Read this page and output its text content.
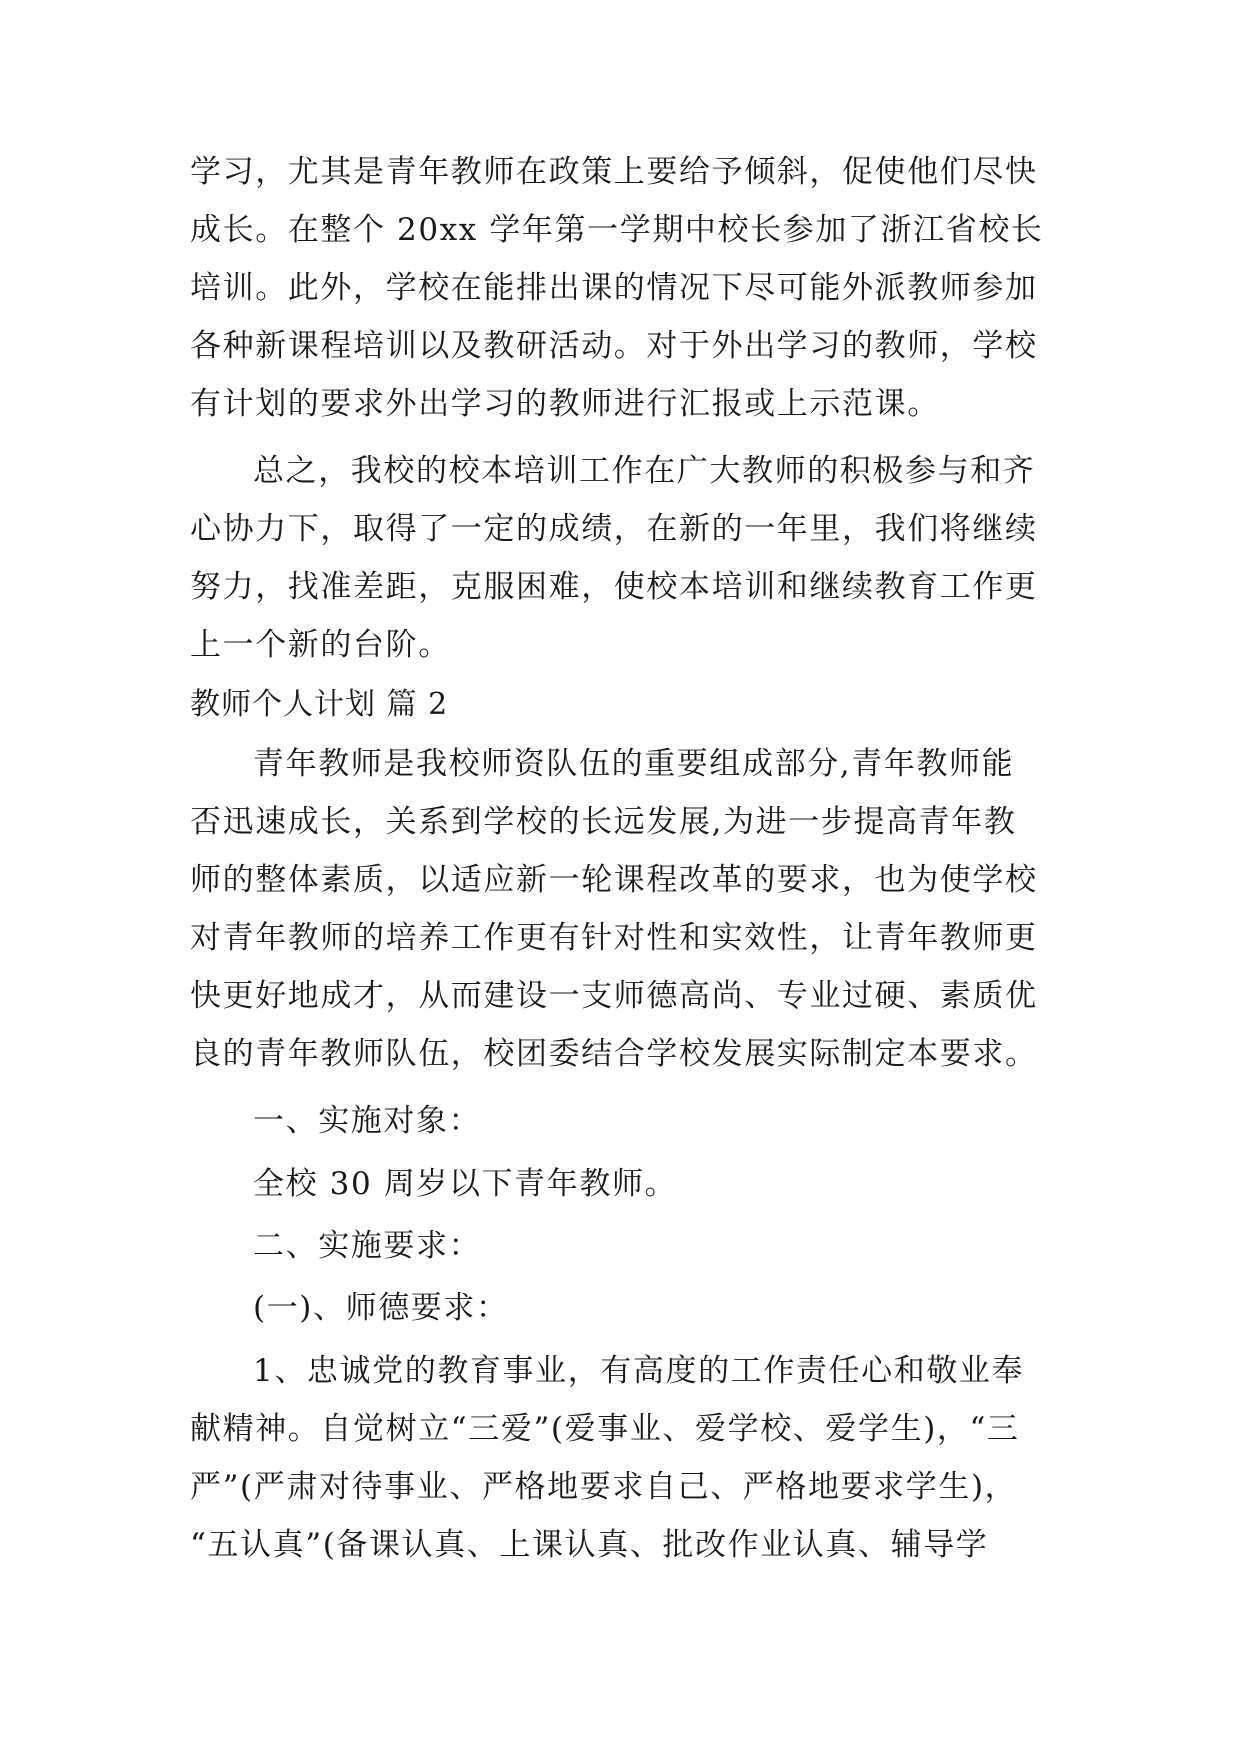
学习，尤其是青年教师在政策上要给予倾斜，促使他们尽快
成长。在整个 20xx 学年第一学期中校长参加了浙江省校长
培训。此外，学校在能排出课的情况下尽可能外派教师参加
各种新课程培训以及教研活动。对于外出学习的教师，学校
有计划的要求外出学习的教师进行汇报或上示范课。
总之，我校的校本培训工作在广大教师的积极参与和齐
心协力下，取得了一定的成绩，在新的一年里，我们将继续
努力，找准差距，克服困难，使校本培训和继续教育工作更
上一个新的台阶。
教师个人计划 篇 2
青年教师是我校师资队伍的重要组成部分,青年教师能
否迅速成长，关系到学校的长远发展,为进一步提高青年教
师的整体素质，以适应新一轮课程改革的要求，也为使学校
对青年教师的培养工作更有针对性和实效性，让青年教师更
快更好地成才，从而建设一支师德高尚、专业过硬、素质优
良的青年教师队伍，校团委结合学校发展实际制定本要求。
一、实施对象：
全校 30 周岁以下青年教师。
二、实施要求：
(一)、师德要求：
1、忠诚党的教育事业，有高度的工作责任心和敬业奉
献精神。自觉树立“三爱”(爱事业、爱学校、爱学生)，“三
严”(严肃对待事业、严格地要求自己、严格地要求学生)，
“五认真”(备课认真、上课认真、批改作业认真、辅导学
